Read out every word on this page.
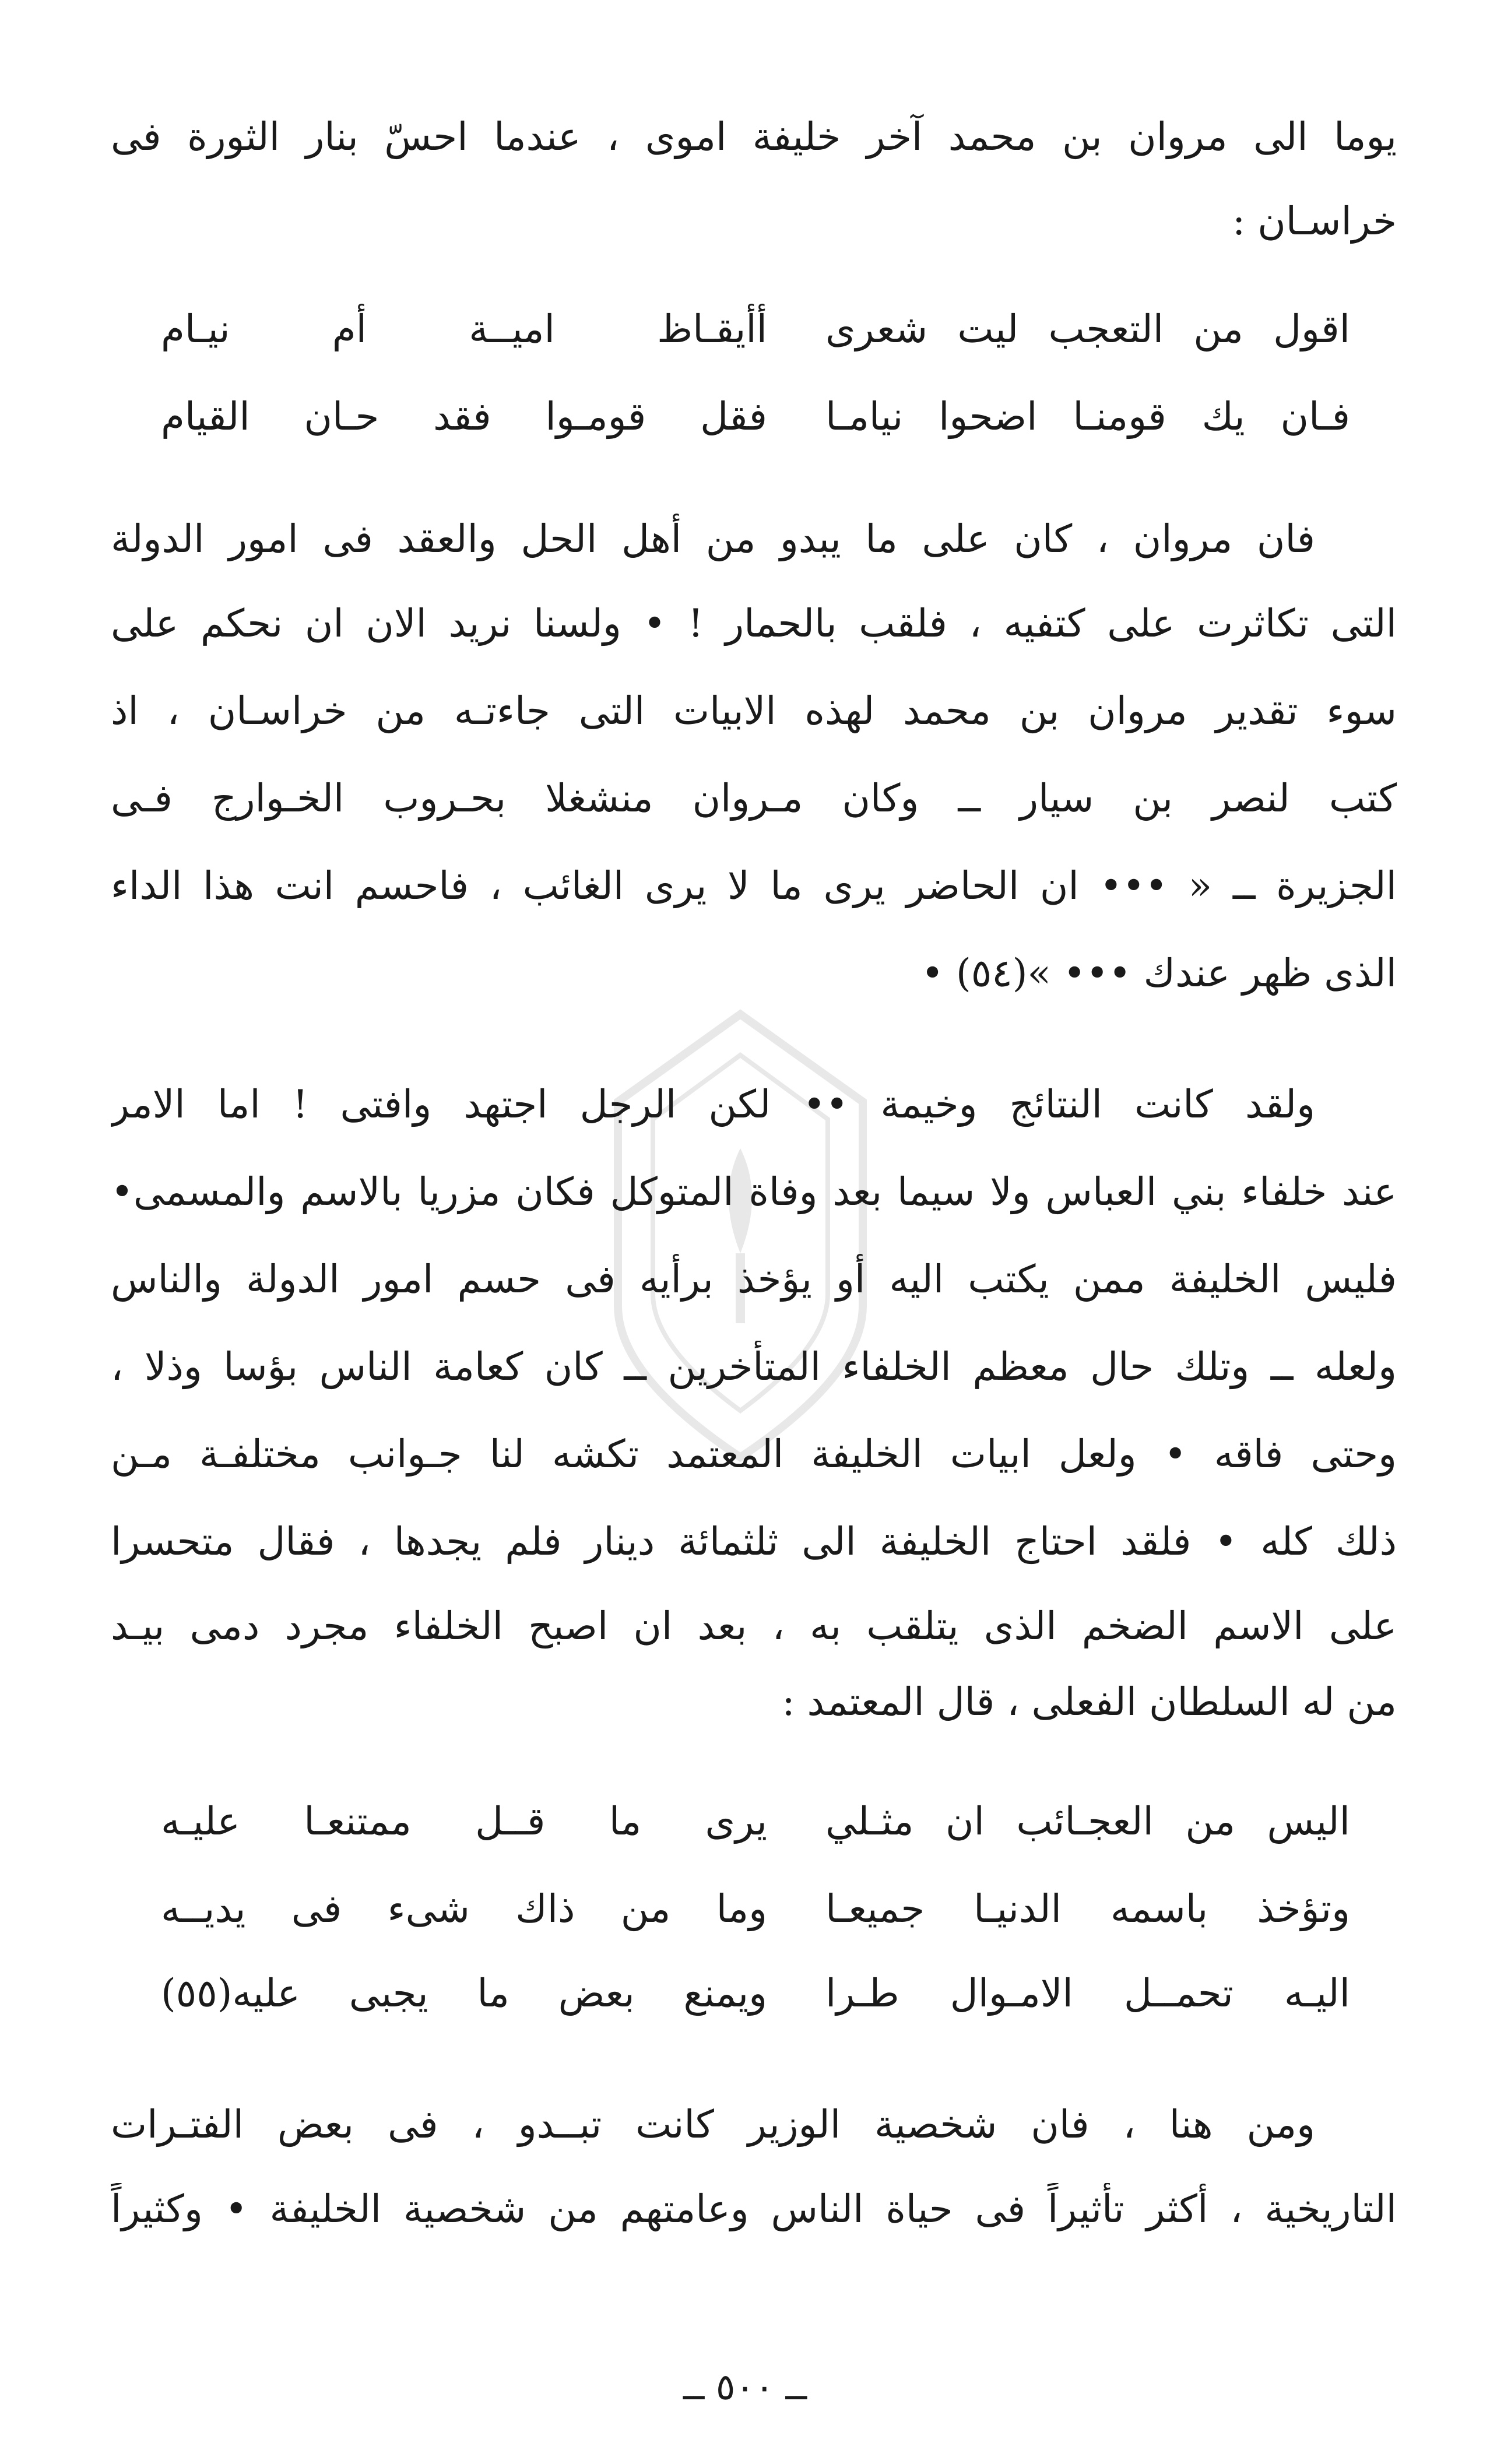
يوما الى مروان بن محمد آخر خليفة اموى ، عندما احسّ بنار الثورة فى
خراسـان :
اقول من التعجب ليت شعرى
أأيقـاظ اميــة أم نيـام
فـان يك قومنـا اضحوا نيامـا
فقل قومـوا فقد حـان القيام
فان مروان ، كان على ما يبدو من أهل الحل والعقد فى امور الدولة
التى تكاثرت على كتفيه ، فلقب بالحمار ! • ولسنا نريد الان ان نحكم على
سوء تقدير مروان بن محمد لهذه الابيات التى جاءتـه من خراسـان ، اذ
كتب لنصر بن سيار ــ وكان مـروان منشغلا بحـروب الخـوارج فـى
الجزيرة ــ « ••• ان الحاضر يرى ما لا يرى الغائب ، فاحسم انت هذا الداء
الذى ظهر عندك ••• »(٥٤) •
ولقد كانت النتائج وخيمة •• لكن الرجل اجتهد وافتى ! اما الامر
عند خلفاء بني العباس ولا سيما بعد وفاة المتوكل فكان مزريا بالاسم والمسمى•
فليس الخليفة ممن يكتب اليه أو يؤخذ برأيه فى حسم امور الدولة والناس
ولعله ــ وتلك حال معظم الخلفاء المتأخرين ــ كان كعامة الناس بؤسا وذلا ،
وحتى فاقه • ولعل ابيات الخليفة المعتمد تكشه لنا جـوانب مختلفـة مـن
ذلك كله • فلقد احتاج الخليفة الى ثلثمائة دينار فلم يجدها ، فقال متحسرا
على الاسم الضخم الذى يتلقب به ، بعد ان اصبح الخلفاء مجرد دمى بيـد
من له السلطان الفعلى ، قال المعتمد :
اليس من العجـائب ان مثـلي
يرى ما قــل ممتنعـا عليـه
وتؤخذ باسمه الدنيـا جميعـا
وما من ذاك شىء فى يديــه
اليـه تحمــل الامـوال طـرا
ويمنع بعض ما يجبى عليه(٥٥)
ومن هنا ، فان شخصية الوزير كانت تبــدو ، فى بعض الفتـرات
التاريخية ، أكثر تأثيراً فى حياة الناس وعامتهم من شخصية الخليفة • وكثيراً
ــ ٥٠٠ ــ
